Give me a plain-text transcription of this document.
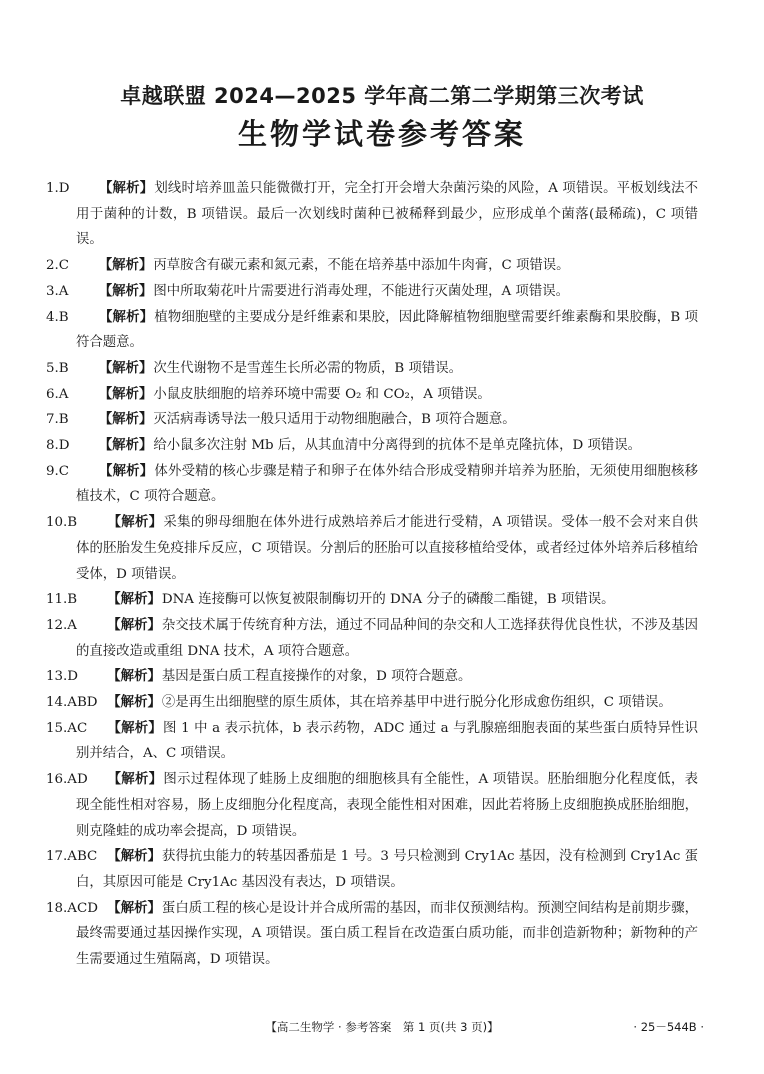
卓越联盟 2024—2025 学年高二第二学期第三次考试
生物学试卷参考答案
1.D 【解析】划线时培养皿盖只能微微打开，完全打开会增大杂菌污染的风险，A 项错误。平板划线法不用于菌种的计数，B 项错误。最后一次划线时菌种已被稀释到最少，应形成单个菌落(最稀疏)，C 项错误。
2.C 【解析】丙草胺含有碳元素和氮元素，不能在培养基中添加牛肉膏，C 项错误。
3.A 【解析】图中所取菊花叶片需要进行消毒处理，不能进行灭菌处理，A 项错误。
4.B 【解析】植物细胞壁的主要成分是纤维素和果胶，因此降解植物细胞壁需要纤维素酶和果胶酶，B 项符合题意。
5.B 【解析】次生代谢物不是雪莲生长所必需的物质，B 项错误。
6.A 【解析】小鼠皮肤细胞的培养环境中需要 O₂ 和 CO₂，A 项错误。
7.B 【解析】灭活病毒诱导法一般只适用于动物细胞融合，B 项符合题意。
8.D 【解析】给小鼠多次注射 Mb 后，从其血清中分离得到的抗体不是单克隆抗体，D 项错误。
9.C 【解析】体外受精的核心步骤是精子和卵子在体外结合形成受精卵并培养为胚胎，无须使用细胞核移植技术，C 项符合题意。
10.B 【解析】采集的卵母细胞在体外进行成熟培养后才能进行受精，A 项错误。受体一般不会对来自供体的胚胎发生免疫排斥反应，C 项错误。分割后的胚胎可以直接移植给受体，或者经过体外培养后移植给受体，D 项错误。
11.B 【解析】DNA 连接酶可以恢复被限制酶切开的 DNA 分子的磷酸二酯键，B 项错误。
12.A 【解析】杂交技术属于传统育种方法，通过不同品种间的杂交和人工选择获得优良性状，不涉及基因的直接改造或重组 DNA 技术，A 项符合题意。
13.D 【解析】基因是蛋白质工程直接操作的对象，D 项符合题意。
14.ABD 【解析】②是再生出细胞壁的原生质体，其在培养基甲中进行脱分化形成愈伤组织，C 项错误。
15.AC 【解析】图 1 中 a 表示抗体，b 表示药物，ADC 通过 a 与乳腺癌细胞表面的某些蛋白质特异性识别并结合，A、C 项错误。
16.AD 【解析】图示过程体现了蛙肠上皮细胞的细胞核具有全能性，A 项错误。胚胎细胞分化程度低，表现全能性相对容易，肠上皮细胞分化程度高，表现全能性相对困难，因此若将肠上皮细胞换成胚胎细胞，则克隆蛙的成功率会提高，D 项错误。
17.ABC 【解析】获得抗虫能力的转基因番茄是 1 号。3 号只检测到 Cry1Ac 基因，没有检测到 Cry1Ac 蛋白，其原因可能是 Cry1Ac 基因没有表达，D 项错误。
18.ACD 【解析】蛋白质工程的核心是设计并合成所需的基因，而非仅预测结构。预测空间结构是前期步骤，最终需要通过基因操作实现，A 项错误。蛋白质工程旨在改造蛋白质功能，而非创造新物种；新物种的产生需要通过生殖隔离，D 项错误。
【高二生物学 · 参考答案　第 1 页(共 3 页)】	· 25－544B ·
